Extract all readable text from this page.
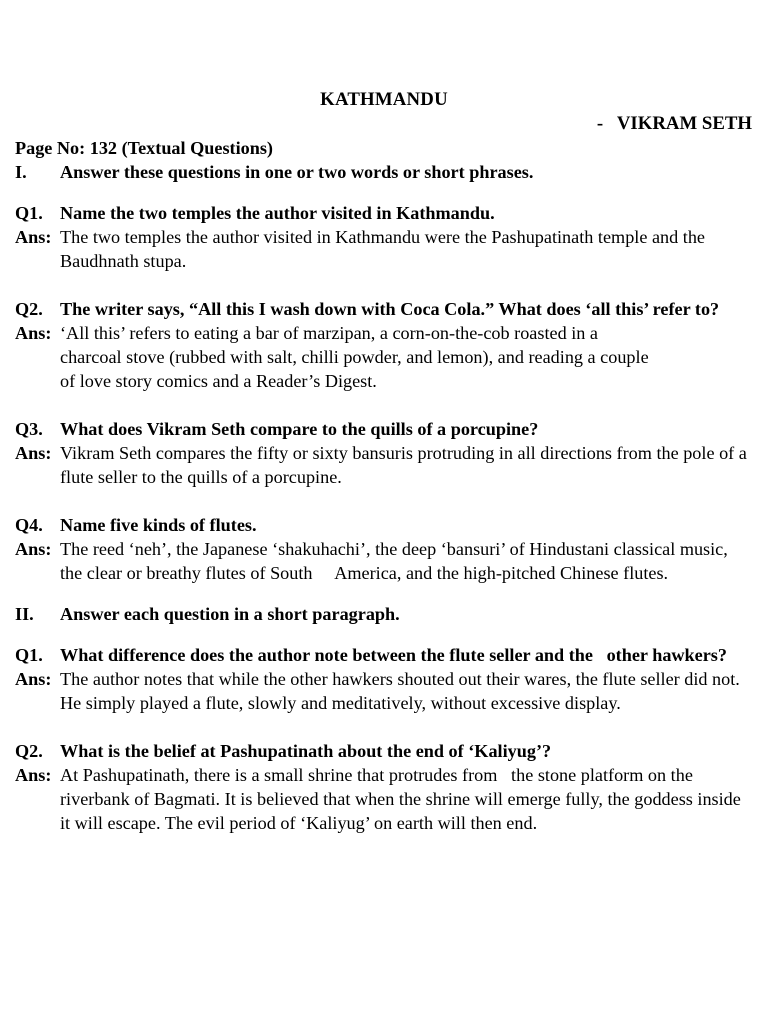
KATHMANDU
-   VIKRAM SETH
Page No: 132 (Textual Questions)
I.	Answer these questions in one or two words or short phrases.
Q1. Name the two temples the author visited in Kathmandu.
Ans: The two temples the author visited in Kathmandu were the Pashupatinath temple and the Baudhnath stupa.
Q2. The writer says, “All this I wash down with Coca Cola.” What does ‘all this’ refer to?
Ans: ‘All this’ refers to eating a bar of marzipan, a corn-on-the-cob roasted in a
charcoal stove (rubbed with salt, chilli powder, and lemon), and reading a couple
of love story comics and a Reader’s Digest.
Q3. What does Vikram Seth compare to the quills of a porcupine?
Ans: Vikram Seth compares the fifty or sixty bansuris protruding in all directions from the pole of a flute seller to the quills of a porcupine.
Q4. Name five kinds of flutes.
Ans: The reed ‘neh’, the Japanese ‘shakuhachi’, the deep ‘bansuri’ of Hindustani classical music, the clear or breathy flutes of South     America, and the high-pitched Chinese flutes.
II.	Answer each question in a short paragraph.
Q1. What difference does the author note between the flute seller and the   other hawkers?
Ans: The author notes that while the other hawkers shouted out their wares, the flute seller did not. He simply played a flute, slowly and meditatively, without excessive display.
Q2. What is the belief at Pashupatinath about the end of ‘Kaliyug’?
Ans: At Pashupatinath, there is a small shrine that protrudes from   the stone platform on the riverbank of Bagmati. It is believed that when the shrine will emerge fully, the goddess inside it will escape. The evil period of ‘Kaliyug’ on earth will then end.
